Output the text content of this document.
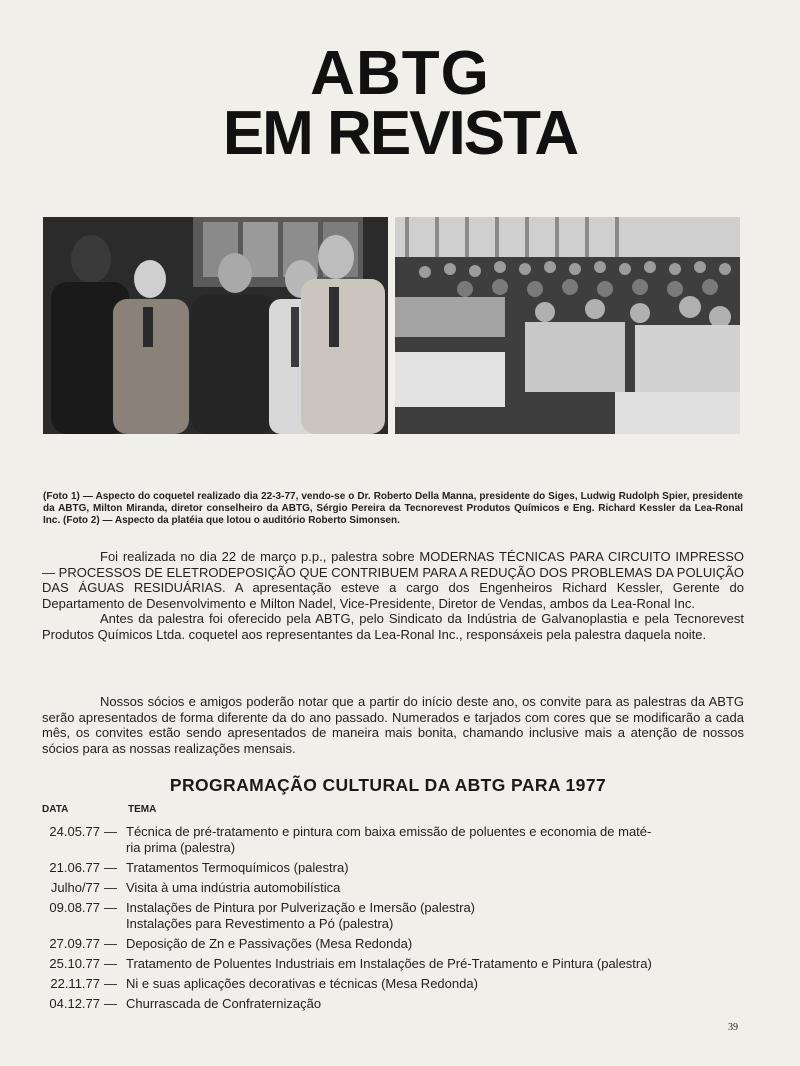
ABTG
EM REVISTA
(Foto 1) — Aspecto do coquetel realizado dia 22-3-77, vendo-se o Dr. Roberto Della Manna, presidente do Siges, Ludwig Rudolph Spier, presidente da ABTG, Milton Miranda, diretor conselheiro da ABTG, Sérgio Pereira da Tecnorevest Produtos Químicos e Eng. Richard Kessler da Lea-Ronal Inc. (Foto 2) — Aspecto da platéia que lotou o auditório Roberto Simonsen.

Foi realizada no dia 22 de março p.p., palestra sobre MODERNAS TÉCNICAS PARA CIRCUITO IMPRESSO — PROCESSOS DE ELETRODEPOSIÇÃO QUE CONTRIBUEM PARA A REDUÇÃO DOS PROBLEMAS DA POLUIÇÃO DAS ÁGUAS RESIDUÁRIAS. A apresentação esteve a cargo dos Engenheiros Richard Kessler, Gerente do Departamento de Desenvolvimento e Milton Nadel, Vice-Presidente, Diretor de Vendas, ambos da Lea-Ronal Inc.

Antes da palestra foi oferecido pela ABTG, pelo Sindicato da Indústria de Galvanoplastia e pela Tecnorevest Produtos Químicos Ltda. coquetel aos representantes da Lea-Ronal Inc., responsáxeis pela palestra daquela noite.

Nossos sócios e amigos poderão notar que a partir do início deste ano, os convite para as palestras da ABTG serão apresentados de forma diferente da do ano passado. Numerados e tarjados com cores que se modificarão a cada mês, os convites estão sendo apresentados de maneira mais bonita, chamando inclusive mais a atenção de nossos sócios para as nossas realizações mensais.

PROGRAMAÇÃO CULTURAL DA ABTG PARA 1977
DATA	TEMA
24.05.77 — Técnica de pré-tratamento e pintura com baixa emissão de poluentes e economia de maté-
ria prima (palestra)
21.06.77 — Tratamentos Termoquímicos (palestra)
Julho/77 — Visita à uma indústria automobilística
09.08.77 — Instalações de Pintura por Pulverização e Imersão (palestra)
Instalações para Revestimento a Pó (palestra)
27.09.77 — Deposição de Zn e Passivações (Mesa Redonda)
25.10.77 — Tratamento de Poluentes Industriais em Instalações de Pré-Tratamento e Pintura (palestra)
22.11.77 — Ni e suas aplicações decorativas e técnicas (Mesa Redonda)
04.12.77 — Churrascada de Confraternização
39
